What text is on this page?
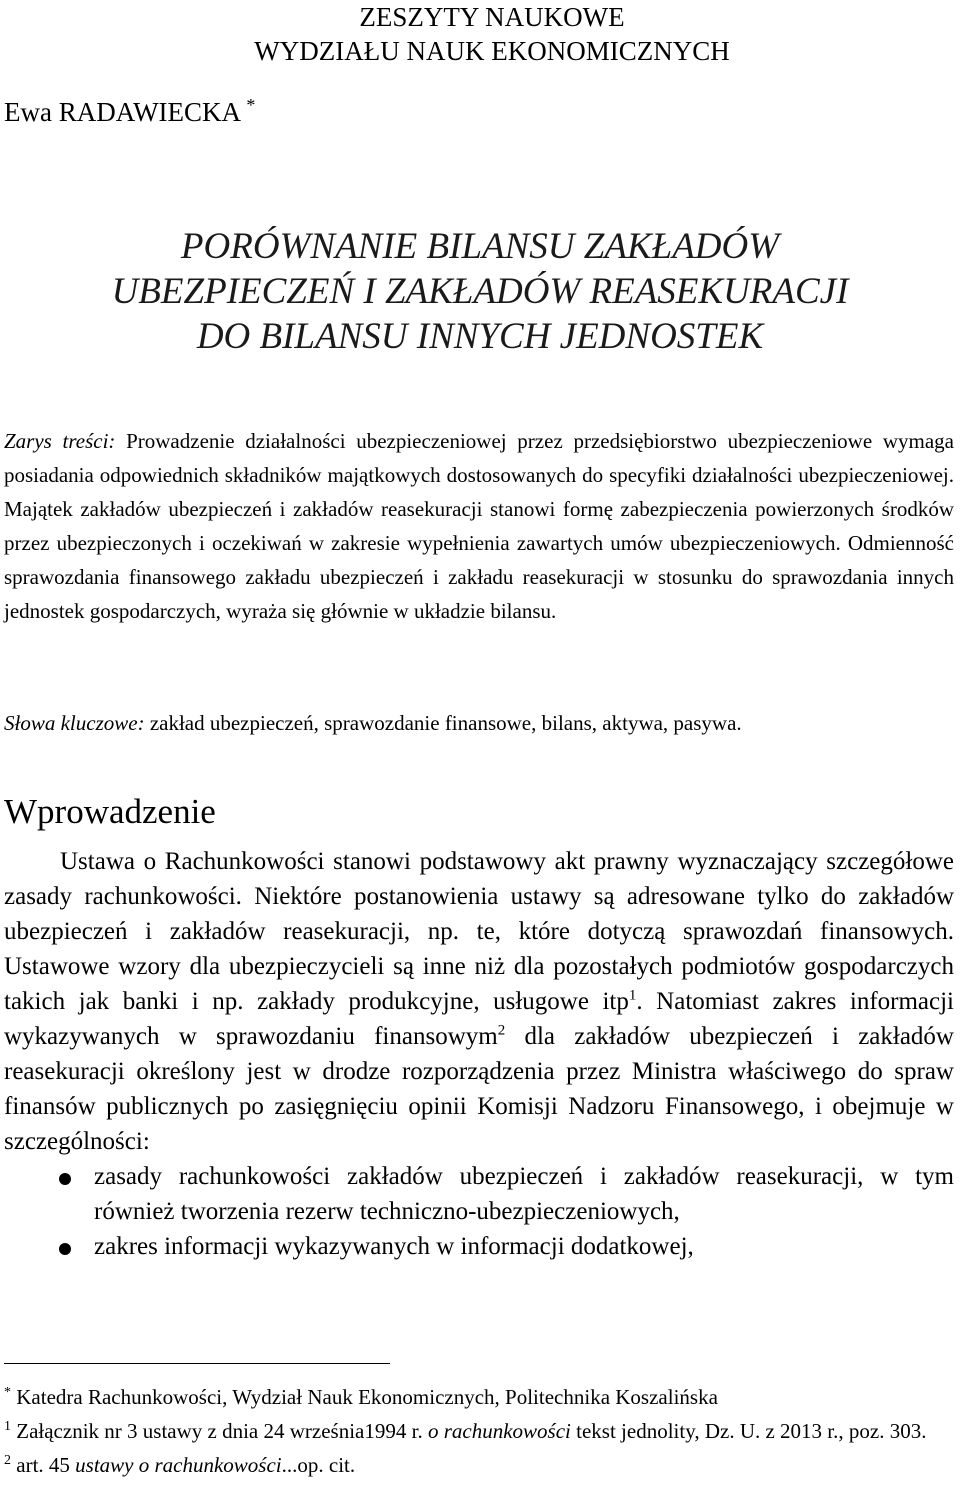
ZESZYTY NAUKOWE
WYDZIAŁU NAUK EKONOMICZNYCH
Ewa RADAWIECKA *
PORÓWNANIE BILANSU ZAKŁADÓW
UBEZPIECZEŃ I ZAKŁADÓW REASEKURACJI
DO BILANSU INNYCH JEDNOSTEK
Zarys treści: Prowadzenie działalności ubezpieczeniowej przez przedsiębiorstwo ubezpieczeniowe wymaga posiadania odpowiednich składników majątkowych dostosowanych do specyfiki działalności ubezpieczeniowej. Majątek zakładów ubezpieczeń i zakładów reasekuracji stanowi formę zabezpieczenia powierzonych środków przez ubezpieczonych i oczekiwań w zakresie wypełnienia zawartych umów ubezpieczeniowych. Odmienność sprawozdania finansowego zakładu ubezpieczeń i zakładu reasekuracji w stosunku do sprawozdania innych jednostek gospodarczych, wyraża się głównie w układzie bilansu.
Słowa kluczowe: zakład ubezpieczeń, sprawozdanie finansowe, bilans, aktywa, pasywa.
Wprowadzenie

Ustawa o Rachunkowości stanowi podstawowy akt prawny wyznaczający szczegółowe zasady rachunkowości. Niektóre postanowienia ustawy są adresowane tylko do zakładów ubezpieczeń i zakładów reasekuracji, np. te, które dotyczą sprawozdań finansowych. Ustawowe wzory dla ubezpieczycieli są inne niż dla pozostałych podmiotów gospodarczych takich jak banki i np. zakłady produkcyjne, usługowe itp$^1$. Natomiast zakres informacji wykazywanych w sprawozdaniu finansowym$^2$ dla zakładów ubezpieczeń i zakładów reasekuracji określony jest w drodze rozporządzenia przez Ministra właściwego do spraw finansów publicznych po zasięgnięciu opinii Komisji Nadzoru Finansowego, i obejmuje w szczególności:

zasady rachunkowości zakładów ubezpieczeń i zakładów reasekuracji, w tym również tworzenia rezerw techniczno-ubezpieczeniowych,
zakres informacji wykazywanych w informacji dodatkowej,

* Katedra Rachunkowości, Wydział Nauk Ekonomicznych, Politechnika Koszalińska

$^1$ Załącznik nr 3 ustawy z dnia 24 września1994 r. o rachunkowości tekst jednolity, Dz. U. z 2013 r., poz. 303.

$^2$ art. 45 ustawy o rachunkowości...op. cit.
